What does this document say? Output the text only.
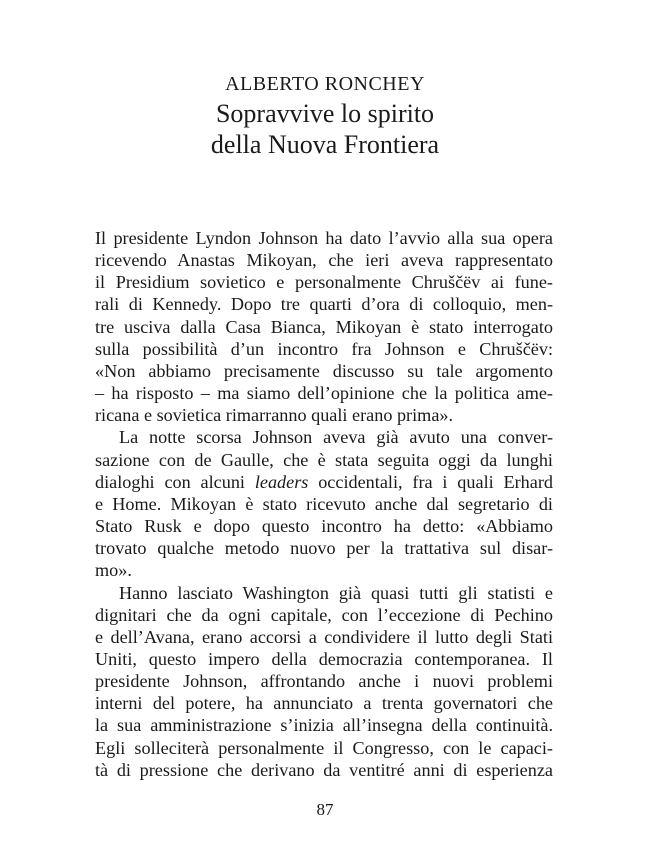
ALBERTO RONCHEY

Sopravvive lo spirito
della Nuova Frontiera

Il presidente Lyndon Johnson ha dato l’avvio alla sua opera
ricevendo Anastas Mikoyan, che ieri aveva rappresentato
il Presidium sovietico e personalmente Chruščёv ai fune-
rali di Kennedy. Dopo tre quarti d’ora di colloquio, men-
tre usciva dalla Casa Bianca, Mikoyan è stato interrogato
sulla possibilità d’un incontro fra Johnson e Chruščёv:
«Non abbiamo precisamente discusso su tale argomento
– ha risposto – ma siamo dell’opinione che la politica ame-
ricana e sovietica rimarranno quali erano prima».

La notte scorsa Johnson aveva già avuto una conver-
sazione con de Gaulle, che è stata seguita oggi da lunghi
dialoghi con alcuni leaders occidentali, fra i quali Erhard
e Home. Mikoyan è stato ricevuto anche dal segretario di
Stato Rusk e dopo questo incontro ha detto: «Abbiamo
trovato qualche metodo nuovo per la trattativa sul disar-
mo».

Hanno lasciato Washington già quasi tutti gli statisti e
dignitari che da ogni capitale, con l’eccezione di Pechino
e dell’Avana, erano accorsi a condividere il lutto degli Stati
Uniti, questo impero della democrazia contemporanea. Il
presidente Johnson, affrontando anche i nuovi problemi
interni del potere, ha annunciato a trenta governatori che
la sua amministrazione s’inizia all’insegna della continuità.
Egli solleciterà personalmente il Congresso, con le capaci-
tà di pressione che derivano da ventitré anni di esperienza

87
